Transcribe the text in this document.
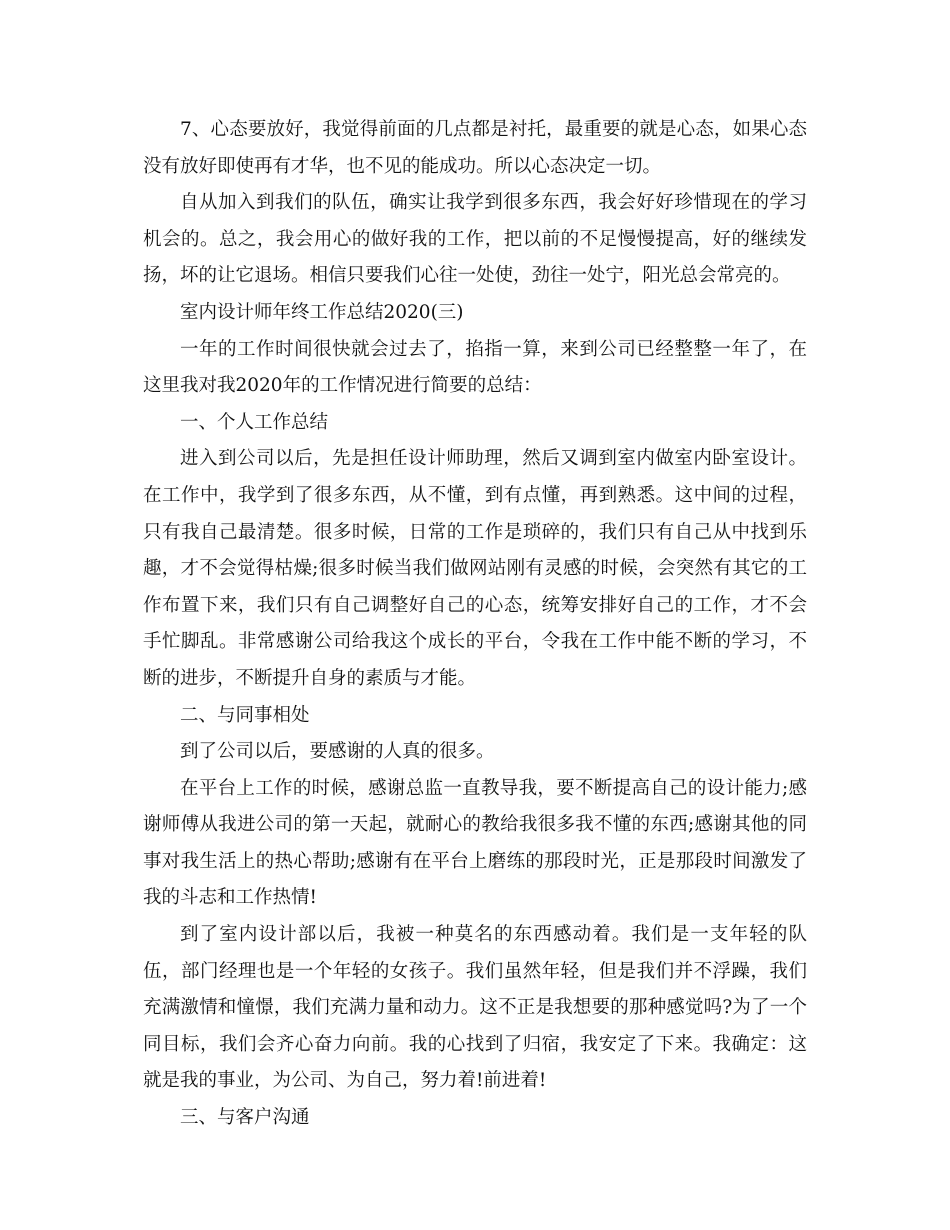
7、心态要放好，我觉得前面的几点都是衬托，最重要的就是心态，如果心态没有放好即使再有才华，也不见的能成功。所以心态决定一切。

自从加入到我们的队伍，确实让我学到很多东西，我会好好珍惜现在的学习机会的。总之，我会用心的做好我的工作，把以前的不足慢慢提高，好的继续发扬，坏的让它退场。相信只要我们心往一处使，劲往一处宁，阳光总会常亮的。

室内设计师年终工作总结2020(三)

一年的工作时间很快就会过去了，掐指一算，来到公司已经整整一年了，在这里我对我2020年的工作情况进行简要的总结：

一、个人工作总结

进入到公司以后，先是担任设计师助理，然后又调到室内做室内卧室设计。在工作中，我学到了很多东西，从不懂，到有点懂，再到熟悉。这中间的过程，只有我自己最清楚。很多时候，日常的工作是琐碎的，我们只有自己从中找到乐趣，才不会觉得枯燥;很多时候当我们做网站刚有灵感的时候，会突然有其它的工作布置下来，我们只有自己调整好自己的心态，统筹安排好自己的工作，才不会手忙脚乱。非常感谢公司给我这个成长的平台，令我在工作中能不断的学习，不断的进步，不断提升自身的素质与才能。

二、与同事相处

到了公司以后，要感谢的人真的很多。

在平台上工作的时候，感谢总监一直教导我，要不断提高自己的设计能力;感谢师傅从我进公司的第一天起，就耐心的教给我很多我不懂的东西;感谢其他的同事对我生活上的热心帮助;感谢有在平台上磨练的那段时光，正是那段时间激发了我的斗志和工作热情!

到了室内设计部以后，我被一种莫名的东西感动着。我们是一支年轻的队伍，部门经理也是一个年轻的女孩子。我们虽然年轻，但是我们并不浮躁，我们充满激情和憧憬，我们充满力量和动力。这不正是我想要的那种感觉吗?为了一个同目标，我们会齐心奋力向前。我的心找到了归宿，我安定了下来。我确定：这就是我的事业，为公司、为自己，努力着!前进着!

三、与客户沟通
